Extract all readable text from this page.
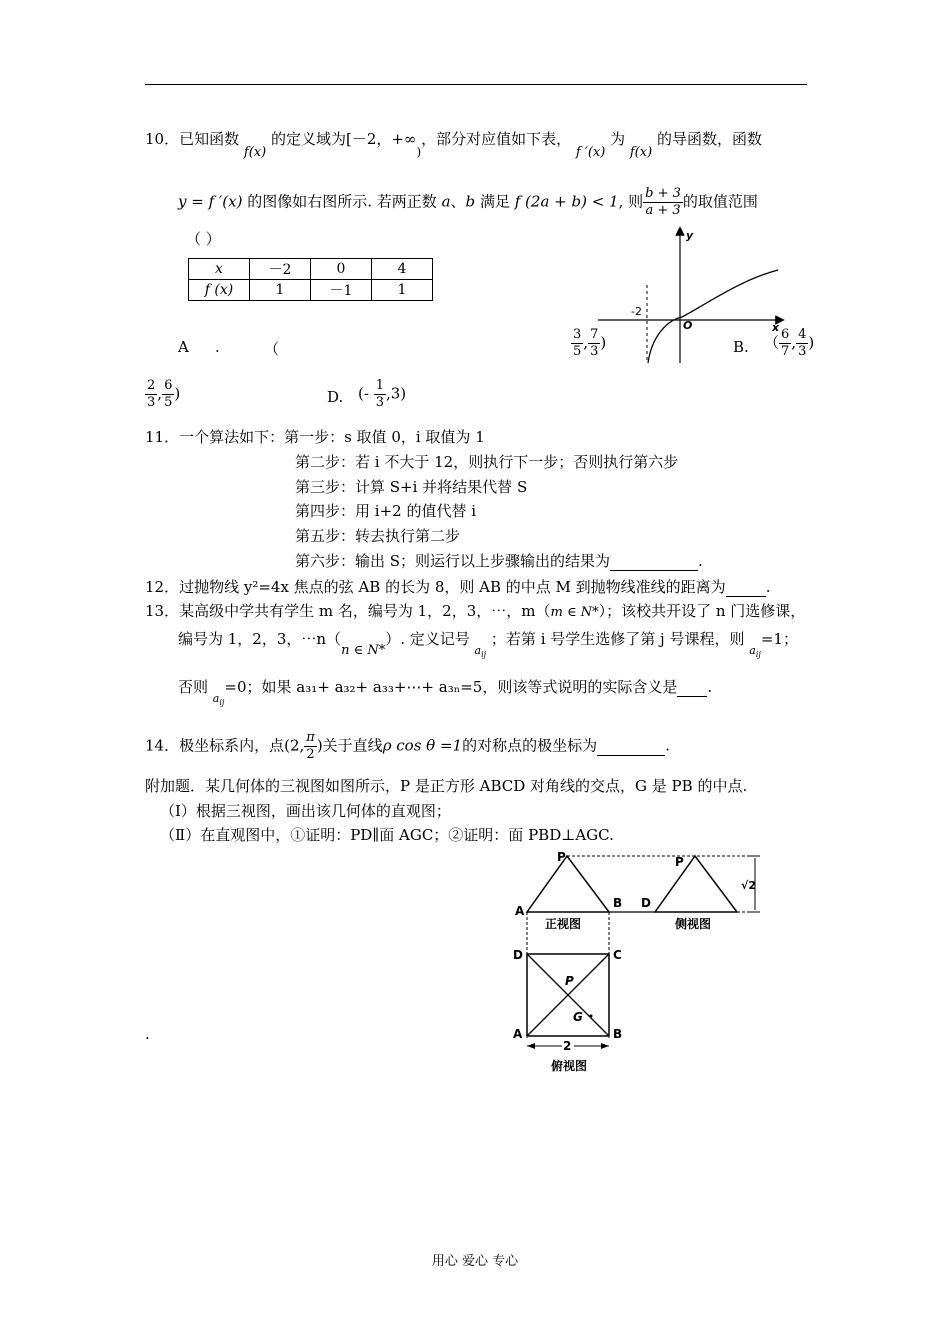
10．已知函数 f(x) 的定义域为[－2，$+\infty_)$，部分对应值如下表， f ′(x) 为 f(x) 的导函数，函数
y = f ′(x) 的图像如右图所示. 若两正数 a、b 满足 f (2a + b) < 1, 则 $\frac{b + 3}{a + 3}$ 的取值范围
（ ）
x	－2	0	4
f (x)	1	－1	1
y
x
O
-2
A .	（	$\frac{3}{5}$ , $\frac{7}{3}$ )	B. （ $\frac{6}{7}$ , $\frac{4}{3}$ )
$\frac{2}{3}$ , $\frac{6}{5}$ )	D. (- $\frac{1}{3} ,3$)
11．一个算法如下：第一步：s 取值 0，i 取值为 1
第二步：若 i 不大于 12，则执行下一步；否则执行第六步
第三步：计算 S+i 并将结果代替 S
第四步：用 i+2 的值代替 i
第五步：转去执行第二步
第六步：输出 S；则运行以上步骤输出的结果为	.
12．过抛物线 y²=4x 焦点的弦 AB 的长为 8，则 AB 的中点 M 到抛物线准线的距离为	.
13．某高级中学共有学生 m 名，编号为 1，2，3，⋯，m（m ∈ N*）；该校共开设了 n 门选修课，
编号为 1，2，3，⋯n（n ∈ N*）. 定义记号 $_{a_{ij}}$ ；若第 i 号学生选修了第 j 号课程，则 $_{a_{ij}}$=1；
否则 $_{a_{ij}}$=0；如果 a₃₁+ a₃₂+ a₃₃+⋯+ a₃ₙ=5，则该等式说明的实际含义是 .
14．极坐标系内，点(2, $\frac{\pi}{2}$ )关于直线ρ cos θ =1的对称点的极坐标为	.
附加题．某几何体的三视图如图所示，P 是正方形 ABCD 对角线的交点，G 是 PB 的中点.
（Ⅰ）根据三视图，画出该几何体的直观图；
（Ⅱ）在直观图中，①证明：PD∥面 AGC；②证明：面 PBD⊥AGC.
.
P
A
B
正视图
P
D
√2
侧视图
D	C
A	B
P
G
2
俯视图
用心 爱心 专心
